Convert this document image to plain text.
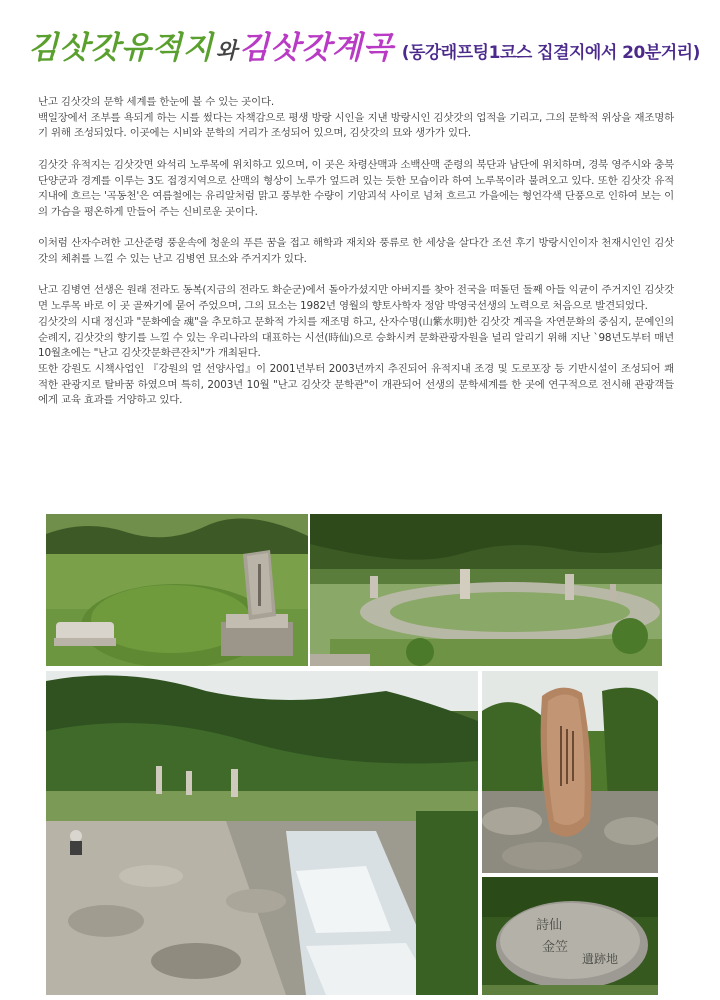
김삿갓유적지와김삿갓계곡 (동강래프팅1코스 집결지에서 20분거리)

난고 김삿갓의 문학 세계를 한눈에 볼 수 있는 곳이다.
백일장에서 조부를 욕되게 하는 시를 썼다는 자책감으로 평생 방랑 시인을 지낸 방랑시인 김삿갓의 업적을 기리고, 그의 문학적 위상을 재조명하기 위해 조성되었다. 이곳에는 시비와 문학의 거리가 조성되어 있으며, 김삿갓의 묘와 생가가 있다.

김삿갓 유적지는 김삿갓면 와석리 노루목에 위치하고 있으며, 이 곳은 차령산맥과 소백산맥 준령의 북단과 남단에 위치하며, 경북 영주시와 충북 단양군과 경계를 이루는 3도 접경지역으로 산맥의 형상이 노루가 엎드려 있는 듯한 모습이라 하여 노루목이라 불려오고 있다. 또한 김삿갓 유적지내에 흐르는 '곡동천'은 여름철에는 유리알처럼 맑고 풍부한 수량이 기암괴석 사이로 넘쳐 흐르고 가을에는 형언각색 단풍으로 인하여 보는 이의 가슴을 평온하게 만들어 주는 신비로운 곳이다.

이처럼 산자수려한 고산준령 풍운속에 청운의 푸른 꿈을 접고 해학과 재치와 풍류로 한 세상을 살다간 조선 후기 방랑시인이자 천재시인인 김삿갓의 체취를 느낄 수 있는 난고 김병연 묘소와 주거지가 있다.

난고 김병연 선생은 원래 전라도 동복(지금의 전라도 화순군)에서 돌아가셨지만 아버지를 찾아 전국을 떠돌던 둘째 아들 익균이 주거지인 김삿갓면 노루목 바로 이 곳 골짜기에 묻어 주었으며, 그의 묘소는 1982년 영월의 향토사학자 정암 박영국선생의 노력으로 처음으로 발견되었다.
김삿갓의 시대 정신과 "문화예술 魂"을 추모하고 문화적 가치를 재조명 하고, 산자수명(山紫水明)한 김삿갓 계곡을 자연문화의 중심지, 문예인의 순례지, 김삿갓의 향기를 느낄 수 있는 우리나라의 대표하는 시선(時仙)으로 승화시켜 문화관광자원을 널리 알리기 위해 지난 `98년도부터 매년 10월초에는 "난고 김삿갓문화큰잔치"가 개최된다.
또한 강원도 시책사업인 『강원의 얼 선양사업』이 2001년부터 2003년까지 추진되어 유적지내 조경 및 도로포장 등 기반시설이 조성되어 쾌적한 관광지로 탈바꿈 하였으며 특히, 2003년 10월 "난고 김삿갓 문학관"이 개관되어 선생의 문학세계를 한 곳에 연구적으로 전시해 관광객들에게 교육 효과를 거양하고 있다.

詩仙
金笠
遺跡地
